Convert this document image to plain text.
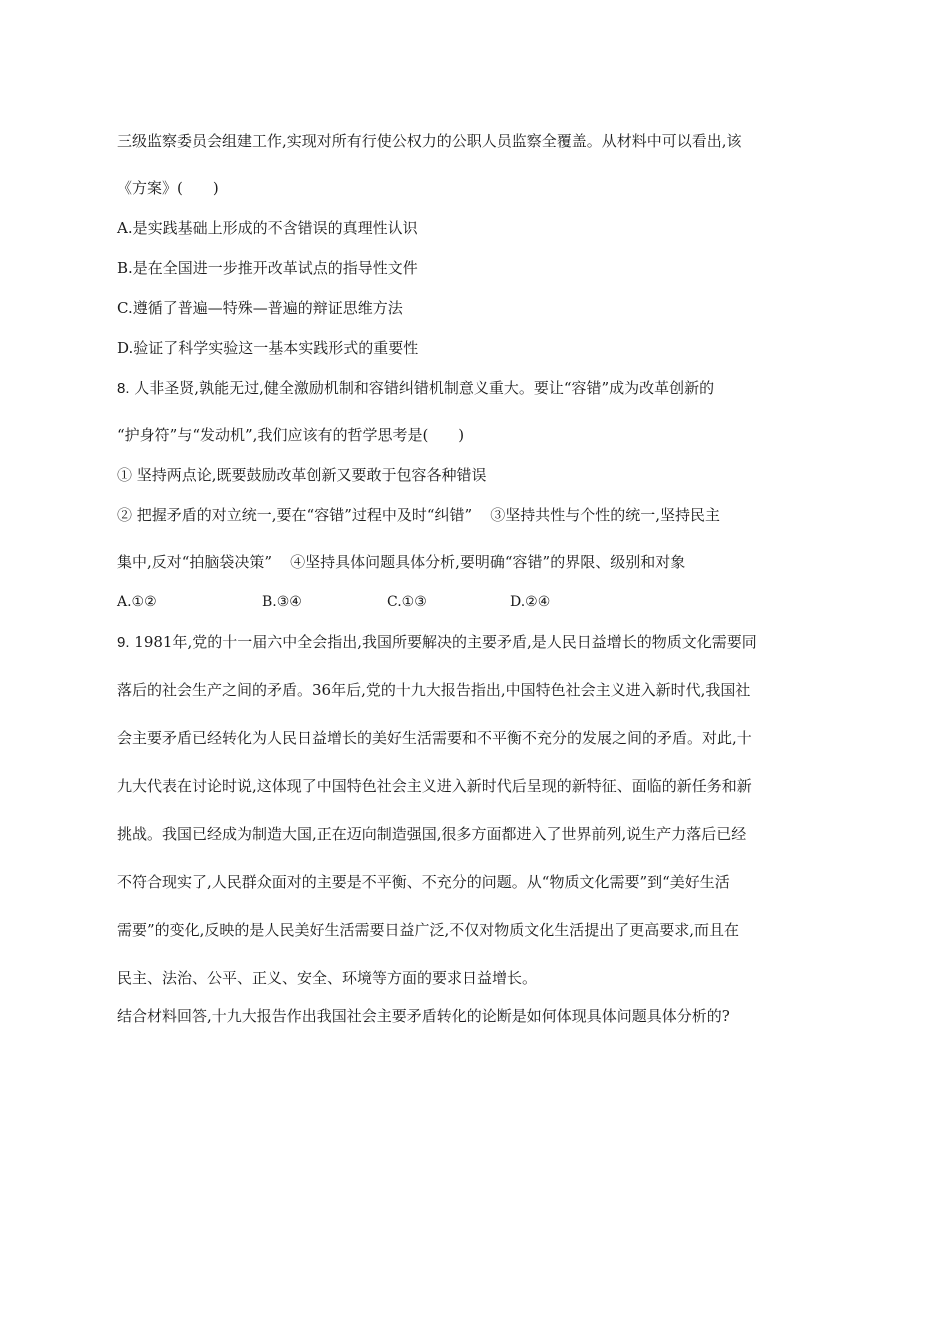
三级监察委员会组建工作,实现对所有行使公权力的公职人员监察全覆盖。从材料中可以看出,该
《方案》(　　)
A.是实践基础上形成的不含错误的真理性认识
B.是在全国进一步推开改革试点的指导性文件
C.遵循了普遍—特殊—普遍的辩证思维方法
D.验证了科学实验这一基本实践形式的重要性
8. 人非圣贤,孰能无过,健全激励机制和容错纠错机制意义重大。要让“容错”成为改革创新的
“护身符”与“发动机”,我们应该有的哲学思考是(　　)
① 坚持两点论,既要鼓励改革创新又要敢于包容各种错误
② 把握矛盾的对立统一,要在“容错”过程中及时“纠错” ③坚持共性与个性的统一,坚持民主
集中,反对“拍脑袋决策” ④坚持具体问题具体分析,要明确“容错”的界限、级别和对象
A.①②	B.③④	C.①③	D.②④
9. 1981年,党的十一届六中全会指出,我国所要解决的主要矛盾,是人民日益增长的物质文化需要同
落后的社会生产之间的矛盾。36年后,党的十九大报告指出,中国特色社会主义进入新时代,我国社
会主要矛盾已经转化为人民日益增长的美好生活需要和不平衡不充分的发展之间的矛盾。对此,十
九大代表在讨论时说,这体现了中国特色社会主义进入新时代后呈现的新特征、面临的新任务和新
挑战。我国已经成为制造大国,正在迈向制造强国,很多方面都进入了世界前列,说生产力落后已经
不符合现实了,人民群众面对的主要是不平衡、不充分的问题。从“物质文化需要”到“美好生活
需要”的变化,反映的是人民美好生活需要日益广泛,不仅对物质文化生活提出了更高要求,而且在
民主、法治、公平、正义、安全、环境等方面的要求日益增长。
结合材料回答,十九大报告作出我国社会主要矛盾转化的论断是如何体现具体问题具体分析的?
